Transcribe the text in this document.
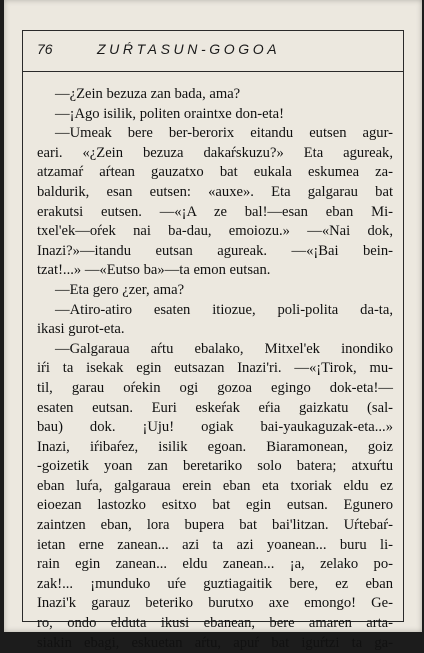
76	ZUŔTASUN-GOGOA
—¿Zein bezuza zan bada, ama?
—¡Ago isilik, politen oraintxe don-eta!
—Umeak bere ber-berorix eitandu eutsen agur-
eari. «¿Zein bezuza dakaŕskuzu?» Eta agureak,
atzamaŕ aŕtean gauzatxo bat eukala eskumea za-
baldurik, esan eutsen: «auxe». Eta galgarau bat
erakutsi eutsen. —«¡A ze bal!—esan eban Mi-
txel'ek—oŕek nai ba-dau, emoiozu.» —«Nai dok,
Inazi?»—itandu eutsan agureak. —«¡Bai bein-
tzat!...» —«Eutso ba»—ta emon eutsan.
—Eta gero ¿zer, ama?
—Atiro-atiro esaten itiozue, poli-polita da-ta,
ikasi gurot-eta.
—Galgaraua aŕtu ebalako, Mitxel'ek inondiko
iŕi ta isekak egin eutsazan Inazi'ri. —«¡Tirok, mu-
til, garau oŕekin ogi gozoa egingo dok-eta!—
esaten eutsan. Euri eskeŕak eŕia gaizkatu (sal-
bau) dok. ¡Uju! ogiak bai-yaukaguzak-eta...»
Inazi, iŕibaŕez, isilik egoan. Biaramonean, goiz
-goizetik yoan zan beretariko solo batera; atxuŕtu
eban luŕa, galgaraua erein eban eta txoriak eldu ez
eioezan lastozko esitxo bat egin eutsan. Egunero
zaintzen eban, lora bupera bat bai'litzan. Uŕtebaŕ-
ietan erne zanean... azi ta azi yoanean... buru li-
rain egin zanean... eldu zanean... ¡a, zelako po-
zak!... ¡munduko uŕe guztiagaitik bere, ez eban
Inazi'k garauz beteriko burutxo axe emongo! Ge-
ro, ondo elduta ikusi ebanean, bere amaren arta-
siakin ebagi, eskuetan aŕtu, apuŕ bat iguŕtzi ta ga-
